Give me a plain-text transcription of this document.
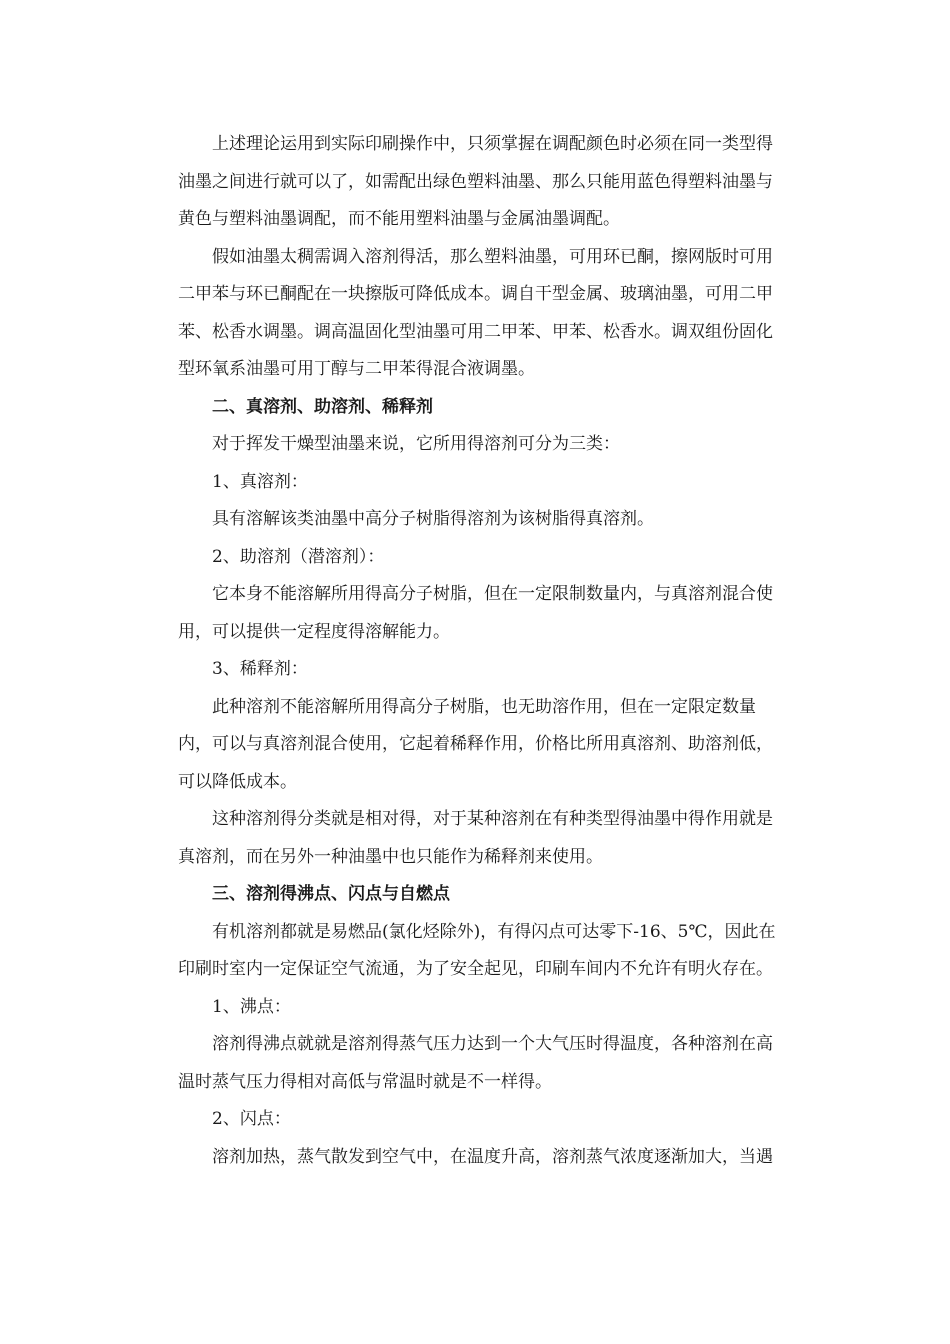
上述理论运用到实际印刷操作中，只须掌握在调配颜色时必须在同一类型得
油墨之间进行就可以了，如需配出绿色塑料油墨、那么只能用蓝色得塑料油墨与
黄色与塑料油墨调配，而不能用塑料油墨与金属油墨调配。

假如油墨太稠需调入溶剂得活，那么塑料油墨，可用环已酮，擦网版时可用
二甲苯与环已酮配在一块擦版可降低成本。调自干型金属、玻璃油墨，可用二甲
苯、松香水调墨。调高温固化型油墨可用二甲苯、甲苯、松香水。调双组份固化
型环氧系油墨可用丁醇与二甲苯得混合液调墨。

二、真溶剂、助溶剂、稀释剂

对于挥发干燥型油墨来说，它所用得溶剂可分为三类：

1、真溶剂：

具有溶解该类油墨中高分子树脂得溶剂为该树脂得真溶剂。

2、助溶剂（潜溶剂）：

它本身不能溶解所用得高分子树脂，但在一定限制数量内，与真溶剂混合使
用，可以提供一定程度得溶解能力。

3、稀释剂：

此种溶剂不能溶解所用得高分子树脂，也无助溶作用，但在一定限定数量
内，可以与真溶剂混合使用，它起着稀释作用，价格比所用真溶剂、助溶剂低，
可以降低成本。

这种溶剂得分类就是相对得，对于某种溶剂在有种类型得油墨中得作用就是
真溶剂，而在另外一种油墨中也只能作为稀释剂来使用。

三、溶剂得沸点、闪点与自燃点

有机溶剂都就是易燃品(氯化烃除外)，有得闪点可达零下-16、5℃，因此在
印刷时室内一定保证空气流通，为了安全起见，印刷车间内不允许有明火存在。

1、沸点：

溶剂得沸点就就是溶剂得蒸气压力达到一个大气压时得温度，各种溶剂在高
温时蒸气压力得相对高低与常温时就是不一样得。

2、闪点：

溶剂加热，蒸气散发到空气中，在温度升高，溶剂蒸气浓度逐渐加大，当遇
